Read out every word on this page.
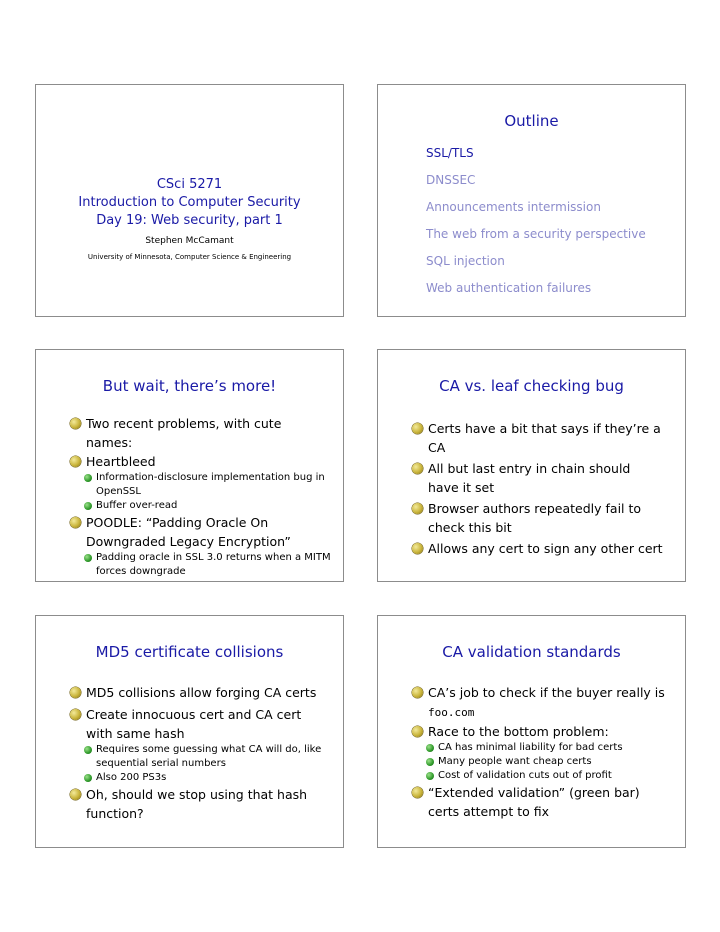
CSci 5271
Introduction to Computer Security
Day 19: Web security, part 1
Stephen McCamant
University of Minnesota, Computer Science & Engineering
Outline
SSL/TLS
DNSSEC
Announcements intermission
The web from a security perspective
SQL injection
Web authentication failures
But wait, there’s more!
Two recent problems, with cute names:
Heartbleed
Information-disclosure implementation bug in OpenSSL
Buffer over-read
POODLE: “Padding Oracle On Downgraded Legacy Encryption”
Padding oracle in SSL 3.0 returns when a MITM forces downgrade
CA vs. leaf checking bug
Certs have a bit that says if they’re a CA
All but last entry in chain should have it set
Browser authors repeatedly fail to check this bit
Allows any cert to sign any other cert
MD5 certificate collisions
MD5 collisions allow forging CA certs
Create innocuous cert and CA cert with same hash
Requires some guessing what CA will do, like sequential serial numbers
Also 200 PS3s
Oh, should we stop using that hash function?
CA validation standards
CA’s job to check if the buyer really is
foo.com
Race to the bottom problem:
CA has minimal liability for bad certs
Many people want cheap certs
Cost of validation cuts out of profit
“Extended validation” (green bar) certs attempt to fix
